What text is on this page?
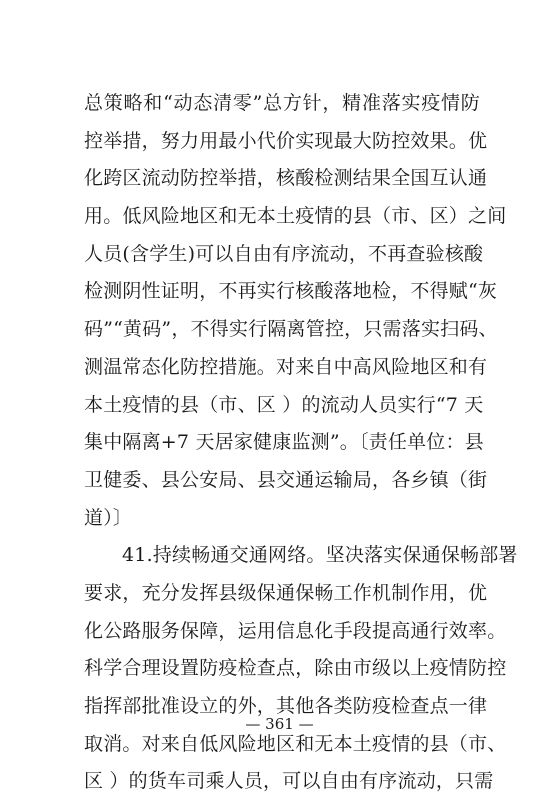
总策略和“动态清零”总方针，精准落实疫情防
控举措，努力用最小代价实现最大防控效果。优
化跨区流动防控举措，核酸检测结果全国互认通
用。低风险地区和无本土疫情的县（市、区）之间
人员(含学生)可以自由有序流动，不再查验核酸
检测阴性证明，不再实行核酸落地检，不得赋“灰
码”“黄码”，不得实行隔离管控，只需落实扫码、
测温常态化防控措施。对来自中高风险地区和有
本土疫情的县（市、区 ）的流动人员实行“7 天
集中隔离+7 天居家健康监测”。〔责任单位：县
卫健委、县公安局、县交通运输局，各乡镇（街
道）〕
41.持续畅通交通网络。坚决落实保通保畅部署
要求，充分发挥县级保通保畅工作机制作用，优
化公路服务保障，运用信息化手段提高通行效率。
科学合理设置防疫检查点，除由市级以上疫情防控
指挥部批准设立的外，其他各类防疫检查点一律
取消。对来自低风险地区和无本土疫情的县（市、
区 ）的货车司乘人员，可以自由有序流动，只需
— 361 —
